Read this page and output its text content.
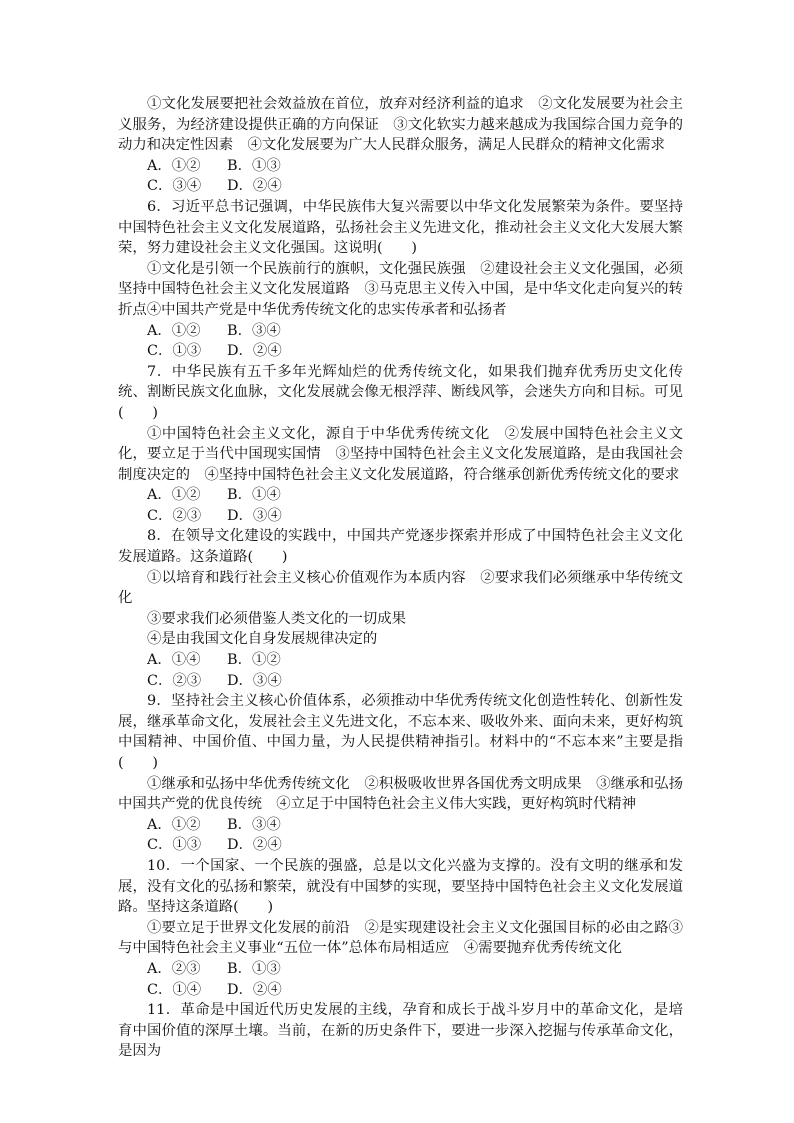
①文化发展要把社会效益放在首位，放弃对经济利益的追求　②文化发展要为社会主义服务，为经济建设提供正确的方向保证　③文化软实力越来越成为我国综合国力竞争的动力和决定性因素　④文化发展要为广大人民群众服务，满足人民群众的精神文化需求

A．①② B．①③

C．③④ D．②④

6．习近平总书记强调，中华民族伟大复兴需要以中华文化发展繁荣为条件。要坚持中国特色社会主义文化发展道路，弘扬社会主义先进文化，推动社会主义文化大发展大繁荣，努力建设社会主义文化强国。这说明(　　)

①文化是引领一个民族前行的旗帜，文化强民族强　②建设社会主义文化强国，必须坚持中国特色社会主义文化发展道路　③马克思主义传入中国，是中华文化走向复兴的转折点④中国共产党是中华优秀传统文化的忠实传承者和弘扬者

A．①② B．③④

C．①③ D．②④

7．中华民族有五千多年光辉灿烂的优秀传统文化，如果我们抛弃优秀历史文化传统、割断民族文化血脉，文化发展就会像无根浮萍、断线风筝，会迷失方向和目标。可见(　　)

①中国特色社会主义文化，源自于中华优秀传统文化　②发展中国特色社会主义文化，要立足于当代中国现实国情　③坚持中国特色社会主义文化发展道路，是由我国社会制度决定的　④坚持中国特色社会主义文化发展道路，符合继承创新优秀传统文化的要求

A．①② B．①④

C．②③ D．③④

8．在领导文化建设的实践中，中国共产党逐步探索并形成了中国特色社会主义文化发展道路。这条道路(　　)

①以培育和践行社会主义核心价值观作为本质内容　②要求我们必须继承中华传统文化

③要求我们必须借鉴人类文化的一切成果

④是由我国文化自身发展规律决定的

A．①④ B．①②

C．②③ D．③④

9．坚持社会主义核心价值体系，必须推动中华优秀传统文化创造性转化、创新性发展，继承革命文化，发展社会主义先进文化，不忘本来、吸收外来、面向未来，更好构筑中国精神、中国价值、中国力量，为人民提供精神指引。材料中的“不忘本来”主要是指(　　)

①继承和弘扬中华优秀传统文化　②积极吸收世界各国优秀文明成果　③继承和弘扬中国共产党的优良传统　④立足于中国特色社会主义伟大实践，更好构筑时代精神

A．①② B．③④

C．①③ D．②④

10．一个国家、一个民族的强盛，总是以文化兴盛为支撑的。没有文明的继承和发展，没有文化的弘扬和繁荣，就没有中国梦的实现，要坚持中国特色社会主义文化发展道路。坚持这条道路(　　)

①要立足于世界文化发展的前沿　②是实现建设社会主义文化强国目标的必由之路③与中国特色社会主义事业“五位一体”总体布局相适应　④需要抛弃优秀传统文化

A．②③ B．①③

C．①④ D．②④

11．革命是中国近代历史发展的主线，孕育和成长于战斗岁月中的革命文化，是培育中国价值的深厚土壤。当前，在新的历史条件下，要进一步深入挖掘与传承革命文化，是因为
